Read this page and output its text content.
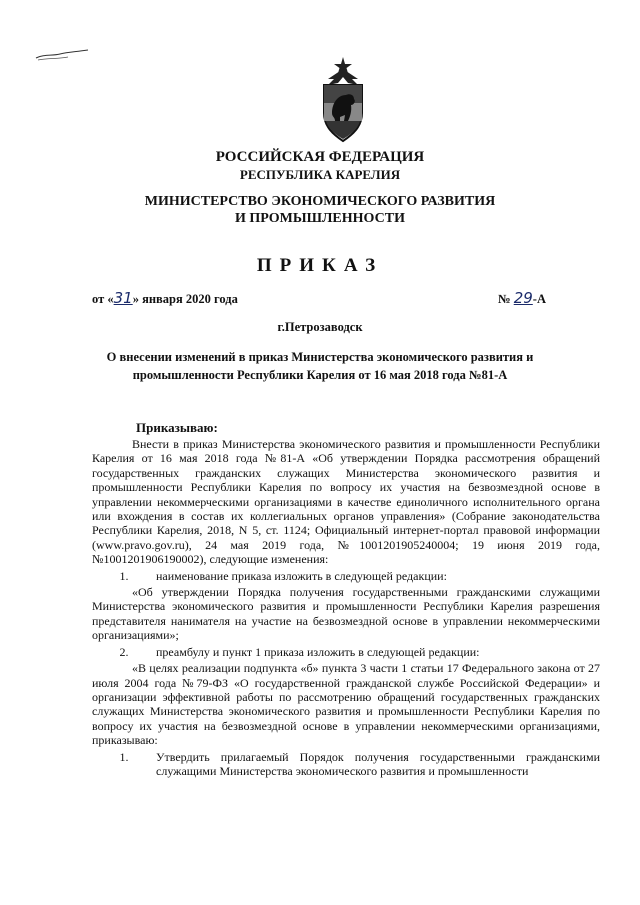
РОССИЙСКАЯ ФЕДЕРАЦИЯ
РЕСПУБЛИКА КАРЕЛИЯ
МИНИСТЕРСТВО ЭКОНОМИЧЕСКОГО РАЗВИТИЯ
И ПРОМЫШЛЕННОСТИ
ПРИКАЗ
от «31» января 2020 года	№ 29-А
г.Петрозаводск
О внесении изменений в приказ Министерства экономического развития и промышленности Республики Карелия от 16 мая 2018 года №81-А
Приказываю:

Внести в приказ Министерства экономического развития и промышленности Республики Карелия от 16 мая 2018 года №81-А «Об утверждении Порядка рассмотрения обращений государственных гражданских служащих Министерства экономического развития и промышленности Республики Карелия по вопросу их участия на безвозмездной основе в управлении некоммерческими организациями в качестве единоличного исполнительного органа или вхождения в состав их коллегиальных органов управления» (Собрание законодательства Республики Карелия, 2018, N 5, ст. 1124; Официальный интернет-портал правовой информации (www.pravo.gov.ru), 24 мая 2019 года, №1001201905240004; 19 июня 2019 года, №1001201906190002), следующие изменения:

1.	наименование приказа изложить в следующей редакции:

«Об утверждении Порядка получения государственными гражданскими служащими Министерства экономического развития и промышленности Республики Карелия разрешения представителя нанимателя на участие на безвозмездной основе в управлении некоммерческими организациями»;

2.	преамбулу и пункт 1 приказа изложить в следующей редакции:

«В целях реализации подпункта «б» пункта 3 части 1 статьи 17 Федерального закона от 27 июля 2004 года №79-ФЗ «О государственной гражданской службе Российской Федерации» и организации эффективной работы по рассмотрению обращений государственных гражданских служащих Министерства экономического развития и промышленности Республики Карелия по вопросу их участия на безвозмездной основе в управлении некоммерческими организациями, приказываю:

1.	Утвердить прилагаемый Порядок получения государственными гражданскими служащими Министерства экономического развития и промышленности
